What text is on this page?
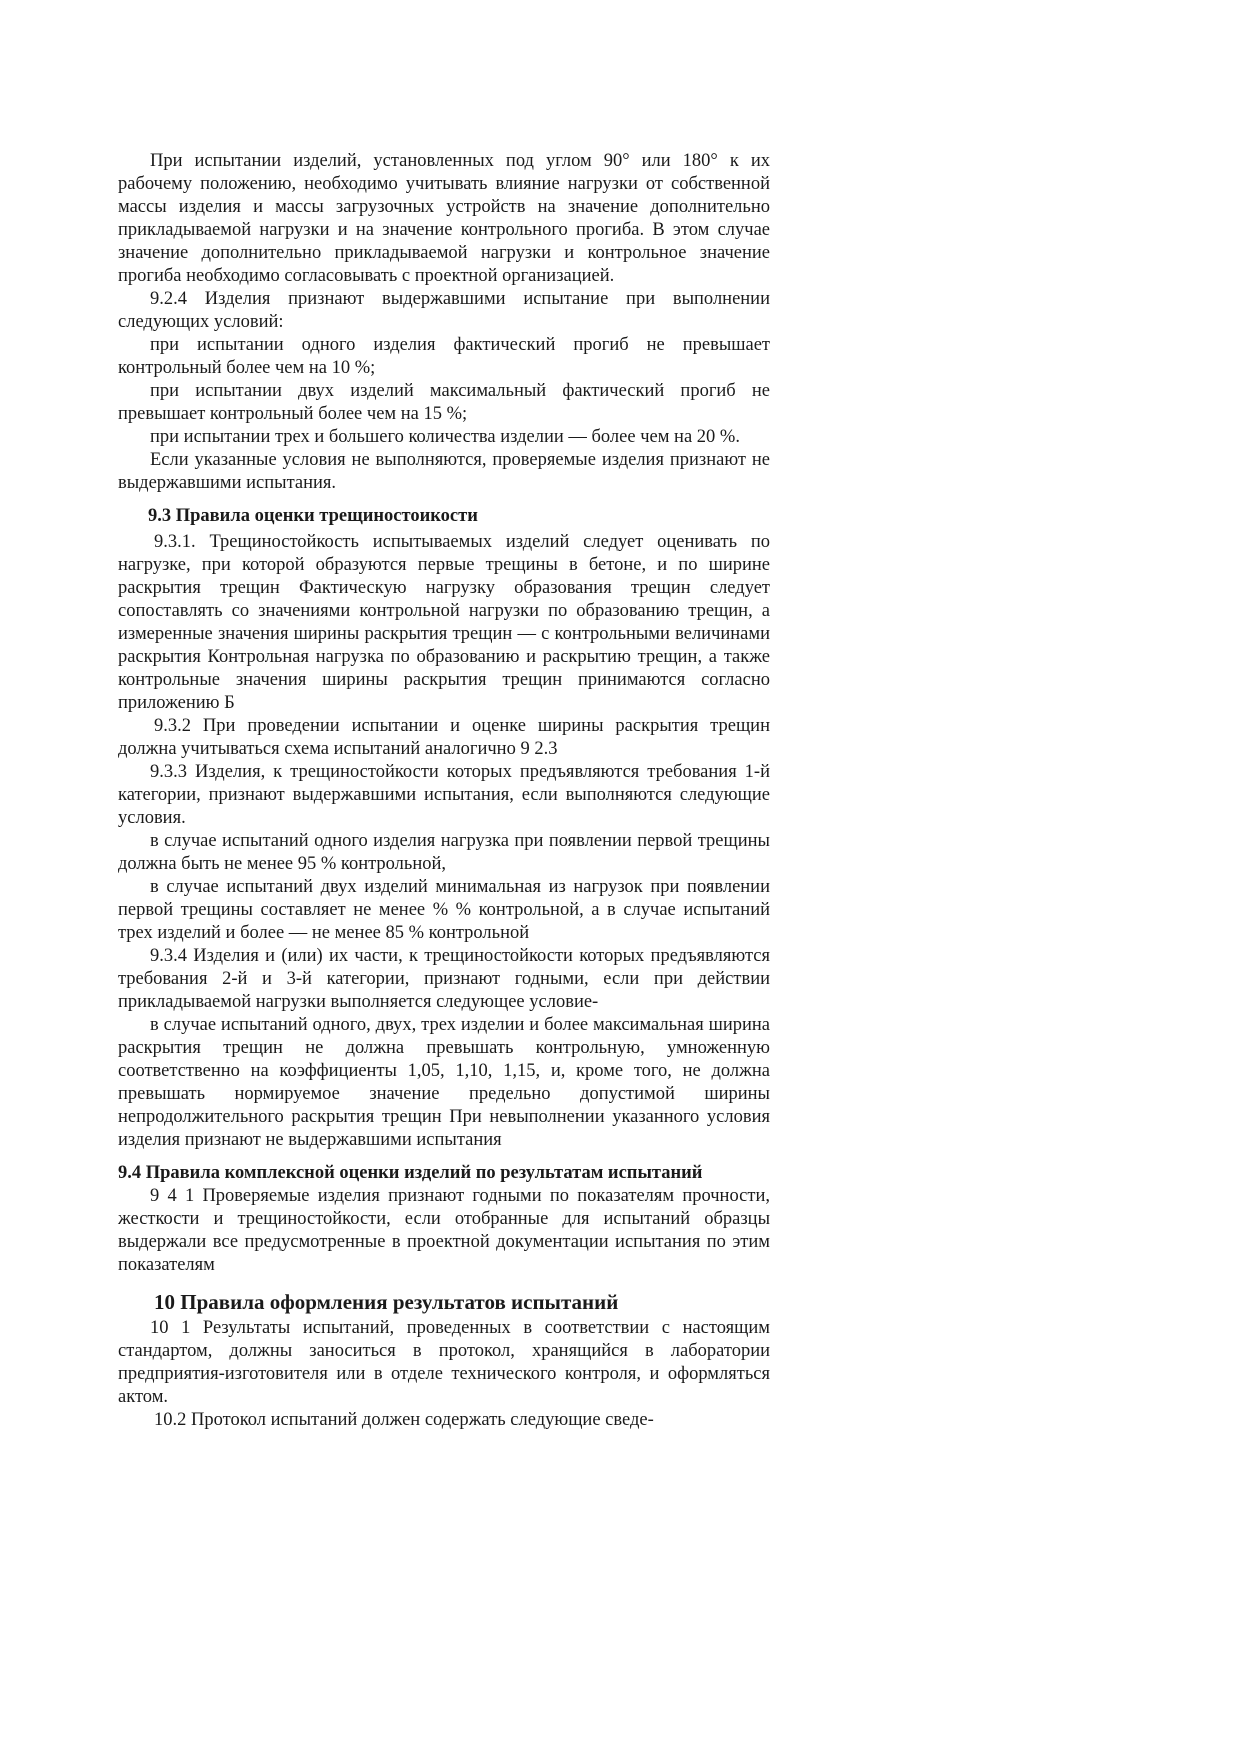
При испытании изделий, установленных под углом 90° или 180° к их рабочему положению, необходимо учитывать влияние нагрузки от собственной массы изделия и массы загрузочных устройств на значение дополнительно прикладываемой нагрузки и на значение контрольного прогиба. В этом случае значение дополнительно прикладываемой нагрузки и контрольное значение прогиба необходимо согласовывать с проектной организацией.

9.2.4 Изделия признают выдержавшими испытание при выполнении следующих условий:

при испытании одного изделия фактический прогиб не превышает контрольный более чем на 10 %;

при испытании двух изделий максимальный фактический прогиб не превышает контрольный более чем на 15 %;

при испытании трех и большего количества изделии — более чем на 20 %.

Если указанные условия не выполняются, проверяемые изделия признают не выдержавшими испытания.

9.3 Правила оценки трещиностоикости

9.3.1. Трещиностойкость испытываемых изделий следует оценивать по нагрузке, при которой образуются первые трещины в бетоне, и по ширине раскрытия трещин Фактическую нагрузку образования трещин следует сопоставлять со значениями контрольной нагрузки по образованию трещин, а измеренные значения ширины раскрытия трещин — с контрольными величинами раскрытия Контрольная нагрузка по образованию и раскрытию трещин, а также контрольные значения ширины раскрытия трещин принимаются согласно приложению Б

9.3.2 При проведении испытании и оценке ширины раскрытия трещин должна учитываться схема испытаний аналогично 9 2.3

9.3.3 Изделия, к трещиностойкости которых предъявляются требования 1-й категории, признают выдержавшими испытания, если выполняются следующие условия.

в случае испытаний одного изделия нагрузка при появлении первой трещины должна быть не менее 95 % контрольной,

в случае испытаний двух изделий минимальная из нагрузок при появлении первой трещины составляет не менее % % контрольной, а в случае испытаний трех изделий и более — не менее 85 % контрольной

9.3.4 Изделия и (или) их части, к трещиностойкости которых предъявляются требования 2-й и 3-й категории, признают годными, если при действии прикладываемой нагрузки выполняется следующее условие-

в случае испытаний одного, двух, трех изделии и более максимальная ширина раскрытия трещин не должна превышать контрольную, умноженную соответственно на коэффициенты 1,05, 1,10, 1,15, и, кроме того, не должна превышать нормируемое значение предельно допустимой ширины непродолжительного раскрытия трещин При невыполнении указанного условия изделия признают не выдержавшими испытания

9.4 Правила комплексной оценки изделий по результатам испытаний

9 4 1 Проверяемые изделия признают годными по показателям прочности, жесткости и трещиностойкости, если отобранные для испытаний образцы выдержали все предусмотренные в проектной документации испытания по этим показателям

10 Правила оформления результатов испытаний

10 1 Результаты испытаний, проведенных в соответствии с настоящим стандартом, должны заноситься в протокол, хранящийся в лаборатории предприятия-изготовителя или в отделе технического контроля, и оформляться актом.

10.2 Протокол испытаний должен содержать следующие сведе-
